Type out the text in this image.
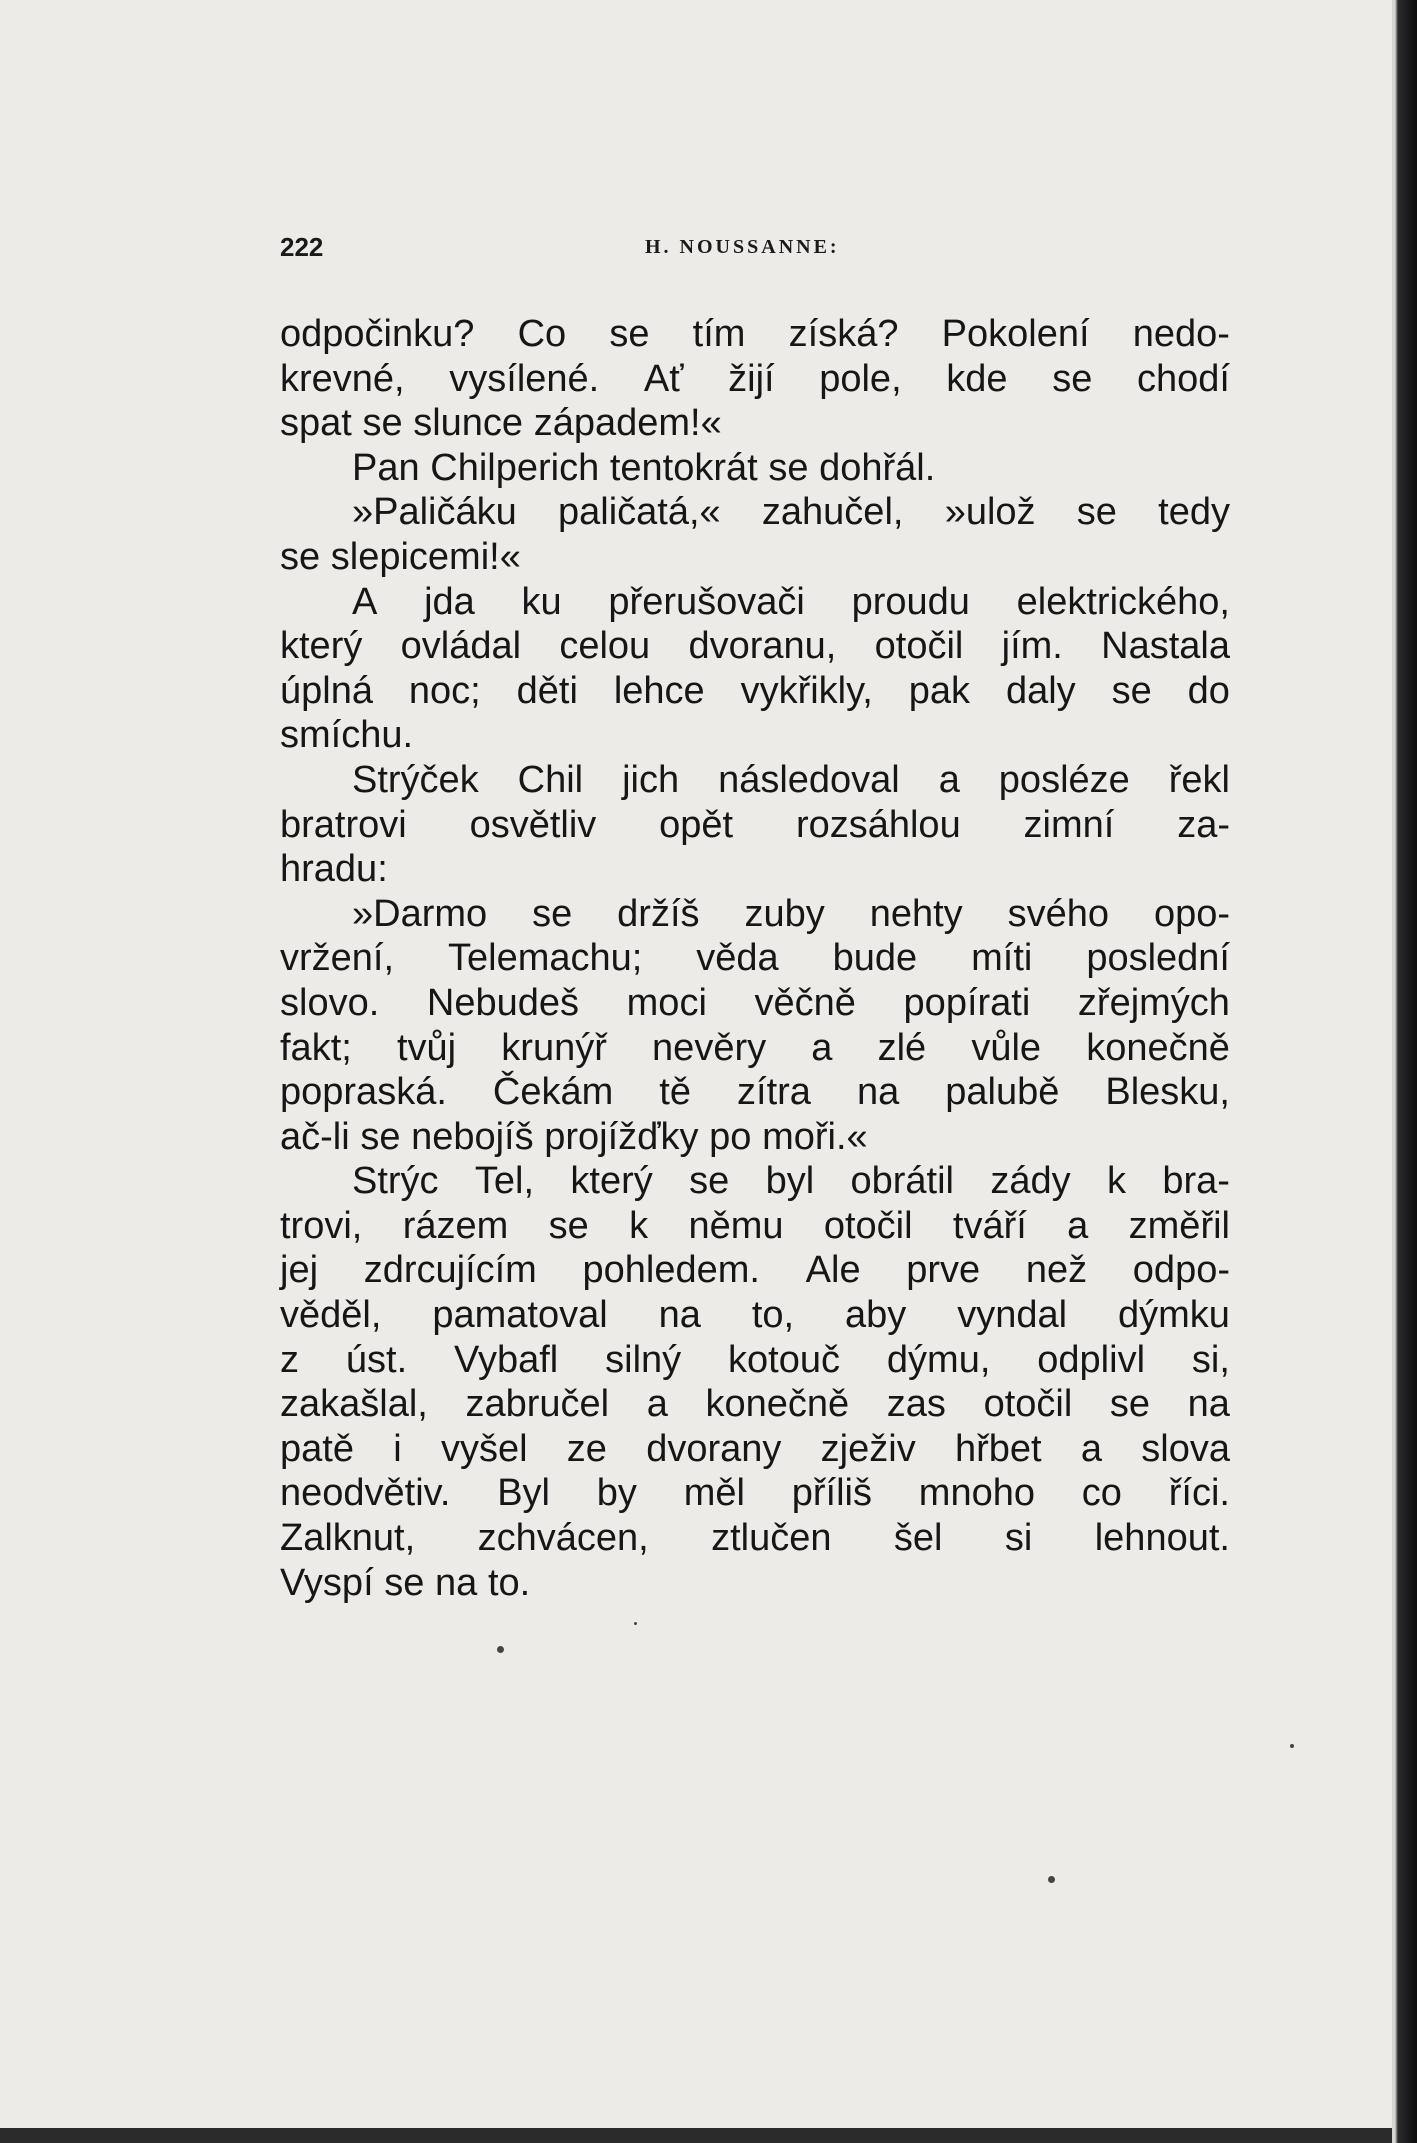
222	H. NOUSSANNE:
odpočinku? Co se tím získá? Pokolení nedo-
krevné, vysílené. Ať žijí pole, kde se chodí
spat se slunce západem!«
Pan Chilperich tentokrát se dohřál.
»Paličáku paličatá,« zahučel, »ulož se tedy
se slepicemi!«
A jda ku přerušovači proudu elektrického,
který ovládal celou dvoranu, otočil jím. Nastala
úplná noc; děti lehce vykřikly, pak daly se do
smíchu.
Strýček Chil jich následoval a posléze řekl
bratrovi osvětliv opět rozsáhlou zimní za-
hradu:
»Darmo se držíš zuby nehty svého opo-
vržení, Telemachu; věda bude míti poslední
slovo. Nebudeš moci věčně popírati zřejmých
fakt; tvůj krunýř nevěry a zlé vůle konečně
popraská. Čekám tě zítra na palubě Blesku,
ač-li se nebojíš projížďky po moři.«
Strýc Tel, který se byl obrátil zády k bra-
trovi, rázem se k němu otočil tváří a změřil
jej zdrcujícím pohledem. Ale prve než odpo-
věděl, pamatoval na to, aby vyndal dýmku
z úst. Vybafl silný kotouč dýmu, odplivl si,
zakašlal, zabručel a konečně zas otočil se na
patě i vyšel ze dvorany zježiv hřbet a slova
neodvětiv. Byl by měl příliš mnoho co říci.
Zalknut, zchvácen, ztlučen šel si lehnout.
Vyspí se na to.
